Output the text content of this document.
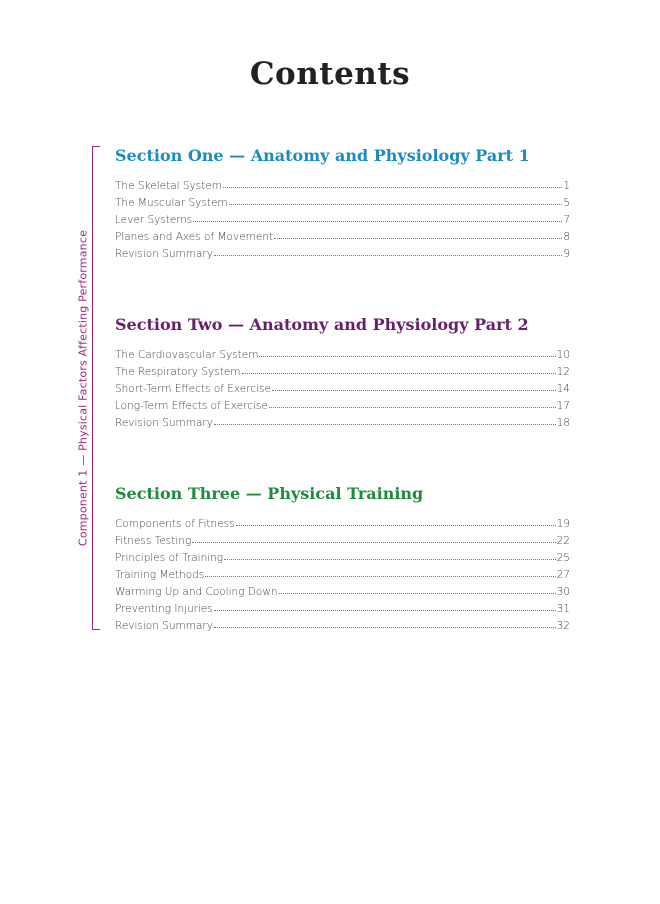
Contents
Component 1 — Physical Factors Affecting Performance
Section One — Anatomy and Physiology Part 1
The Skeletal System	1
The Muscular System	5
Lever Systems	7
Planes and Axes of Movement	8
Revision Summary	9
Section Two — Anatomy and Physiology Part 2
The Cardiovascular System	10
The Respiratory System	12
Short-Term Effects of Exercise	14
Long-Term Effects of Exercise	17
Revision Summary	18
Section Three — Physical Training
Components of Fitness	19
Fitness Testing	22
Principles of Training	25
Training Methods	27
Warming Up and Cooling Down	30
Preventing Injuries	31
Revision Summary	32
